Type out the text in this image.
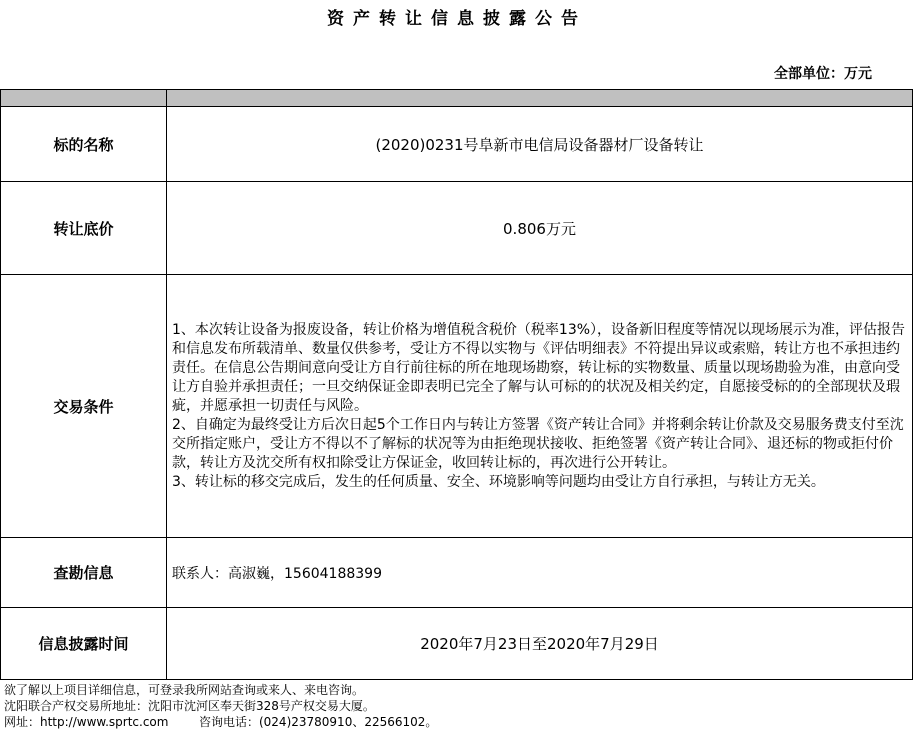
资产转让信息披露公告
全部单位：万元

标的名称	(2020)0231号阜新市电信局设备器材厂设备转让
转让底价	0.806万元
交易条件	1、本次转让设备为报废设备，转让价格为增值税含税价（税率13%），设备新旧程度等情况以现场展示为准，评估报告和信息发布所载清单、数量仅供参考，受让方不得以实物与《评估明细表》不符提出异议或索赔，转让方也不承担违约责任。在信息公告期间意向受让方自行前往标的所在地现场勘察，转让标的实物数量、质量以现场勘验为准，由意向受让方自验并承担责任；一旦交纳保证金即表明已完全了解与认可标的的状况及相关约定，自愿接受标的的全部现状及瑕疵，并愿承担一切责任与风险。

2、自确定为最终受让方后次日起5个工作日内与转让方签署《资产转让合同》并将剩余转让价款及交易服务费支付至沈交所指定账户，受让方不得以不了解标的状况等为由拒绝现状接收、拒绝签署《资产转让合同》、退还标的物或拒付价款，转让方及沈交所有权扣除受让方保证金，收回转让标的，再次进行公开转让。

3、转让标的移交完成后，发生的任何质量、安全、环境影响等问题均由受让方自行承担，与转让方无关。

查勘信息	联系人：高淑巍，15604188399
信息披露时间	2020年7月23日至2020年7月29日
欲了解以上项目详细信息，可登录我所网站查询或来人、来电咨询。
沈阳联合产权交易所地址：沈阳市沈河区奉天街328号产权交易大厦。
网址：http://www.sprtc.com        咨询电话：(024)23780910、22566102。
